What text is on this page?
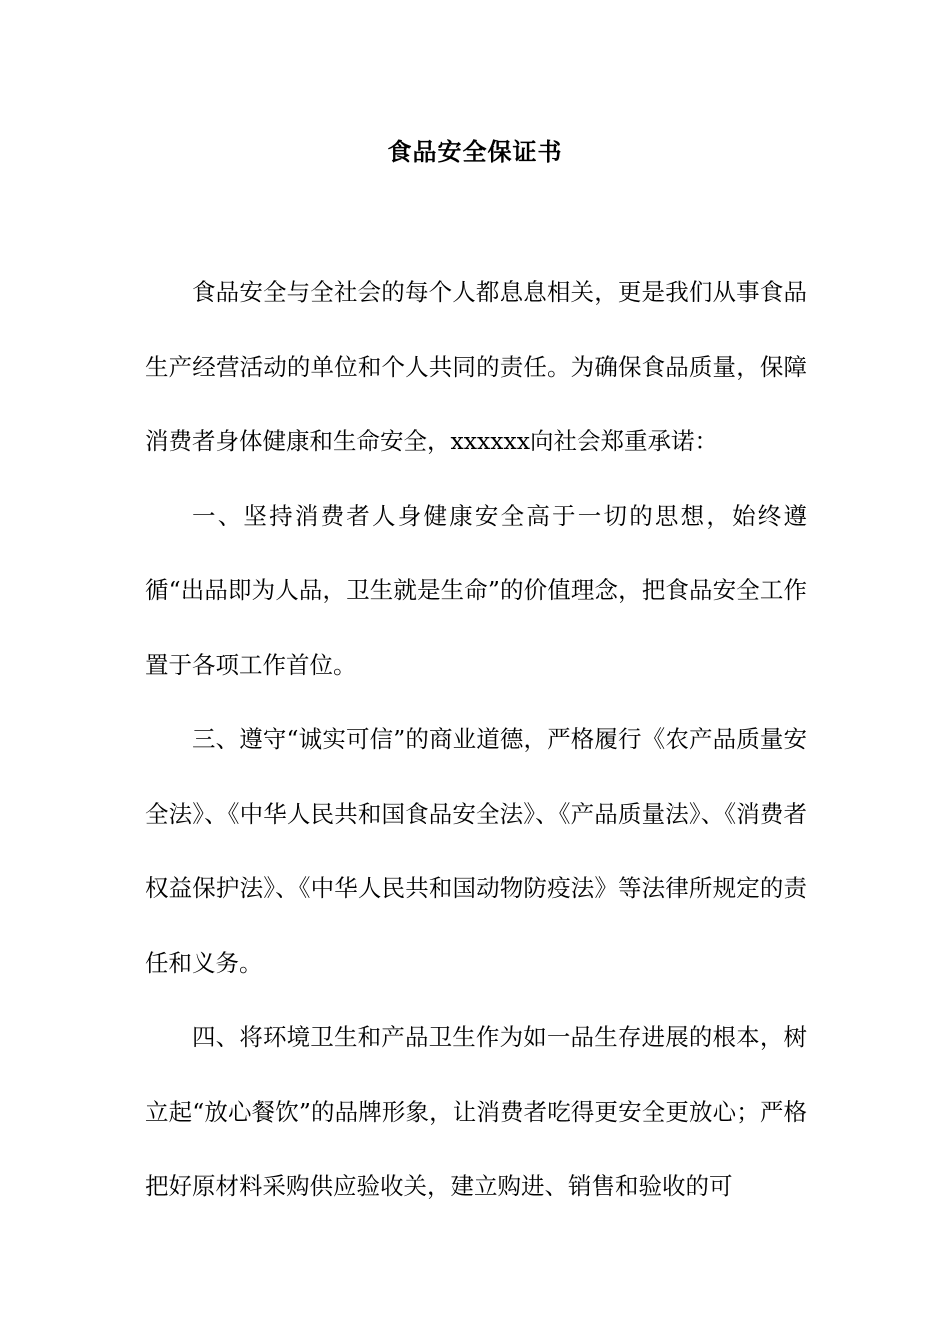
食品安全保证书

食品安全与全社会的每个人都息息相关，更是我们从事食品生产经营活动的单位和个人共同的责任。为确保食品质量，保障消费者身体健康和生命安全，xxxxxx向社会郑重承诺：

一、坚持消费者人身健康安全高于一切的思想，始终遵循“出品即为人品，卫生就是生命”的价值理念，把食品安全工作置于各项工作首位。

三、遵守“诚实可信”的商业道德，严格履行《农产品质量安全法》、《中华人民共和国食品安全法》、《产品质量法》、《消费者权益保护法》、《中华人民共和国动物防疫法》等法律所规定的责任和义务。

四、将环境卫生和产品卫生作为如一品生存进展的根本，树立起“放心餐饮”的品牌形象，让消费者吃得更安全更放心；严格把好原材料采购供应验收关，建立购进、销售和验收的可
